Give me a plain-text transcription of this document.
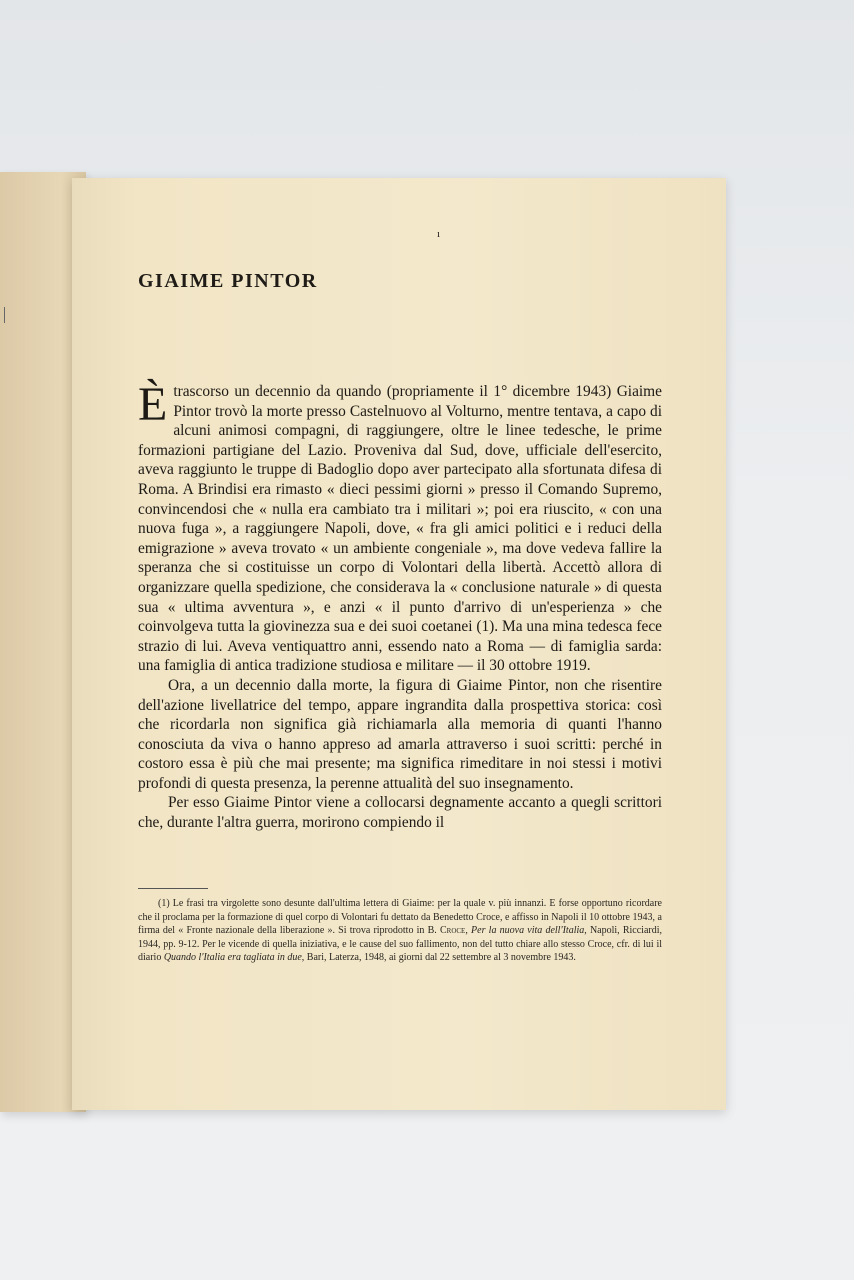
ı
GIAIME PINTOR

Ètrascorso un decennio da quando (propriamente il 1° dicembre 1943) Giaime Pintor trovò la morte presso Castelnuovo al Volturno, mentre tentava, a capo di alcuni animosi compagni, di raggiungere, oltre le linee tedesche, le prime formazioni partigiane del Lazio. Proveniva dal Sud, dove, ufficiale dell'esercito, aveva raggiunto le truppe di Badoglio dopo aver partecipato alla sfortunata difesa di Roma. A Brindisi era rimasto « dieci pessimi giorni » presso il Comando Supremo, convincendosi che « nulla era cambiato tra i militari »; poi era riuscito, « con una nuova fuga », a raggiungere Napoli, dove, « fra gli amici politici e i reduci della emigrazione » aveva trovato « un ambiente congeniale », ma dove vedeva fallire la speranza che si costituisse un corpo di Volontari della libertà. Accettò allora di organizzare quella spedizione, che considerava la « conclusione naturale » di questa sua « ultima avventura », e anzi « il punto d'arrivo di un'esperienza » che coinvolgeva tutta la giovinezza sua e dei suoi coetanei (1). Ma una mina tedesca fece strazio di lui. Aveva ventiquattro anni, essendo nato a Roma — di famiglia sarda: una famiglia di antica tradizione studiosa e militare — il 30 ottobre 1919.

Ora, a un decennio dalla morte, la figura di Giaime Pintor, non che risentire dell'azione livellatrice del tempo, appare ingrandita dalla prospettiva storica: così che ricordarla non significa già richiamarla alla memoria di quanti l'hanno conosciuta da viva o hanno appreso ad amarla attraverso i suoi scritti: perché in costoro essa è più che mai presente; ma significa rimeditare in noi stessi i motivi profondi di questa presenza, la perenne attualità del suo insegnamento.

Per esso Giaime Pintor viene a collocarsi degnamente accanto a quegli scrittori che, durante l'altra guerra, morirono compiendo il

(1) Le frasi tra virgolette sono desunte dall'ultima lettera di Giaime: per la quale v. più innanzi. E forse opportuno ricordare che il proclama per la formazione di quel corpo di Volontari fu dettato da Benedetto Croce, e affisso in Napoli il 10 ottobre 1943, a firma del « Fronte nazionale della liberazione ». Si trova riprodotto in B. Croce, Per la nuova vita dell'Italia, Napoli, Ricciardi, 1944, pp. 9-12. Per le vicende di quella iniziativa, e le cause del suo fallimento, non del tutto chiare allo stesso Croce, cfr. di lui il diario Quando l'Italia era tagliata in due, Bari, Laterza, 1948, ai giorni dal 22 settembre al 3 novembre 1943.
